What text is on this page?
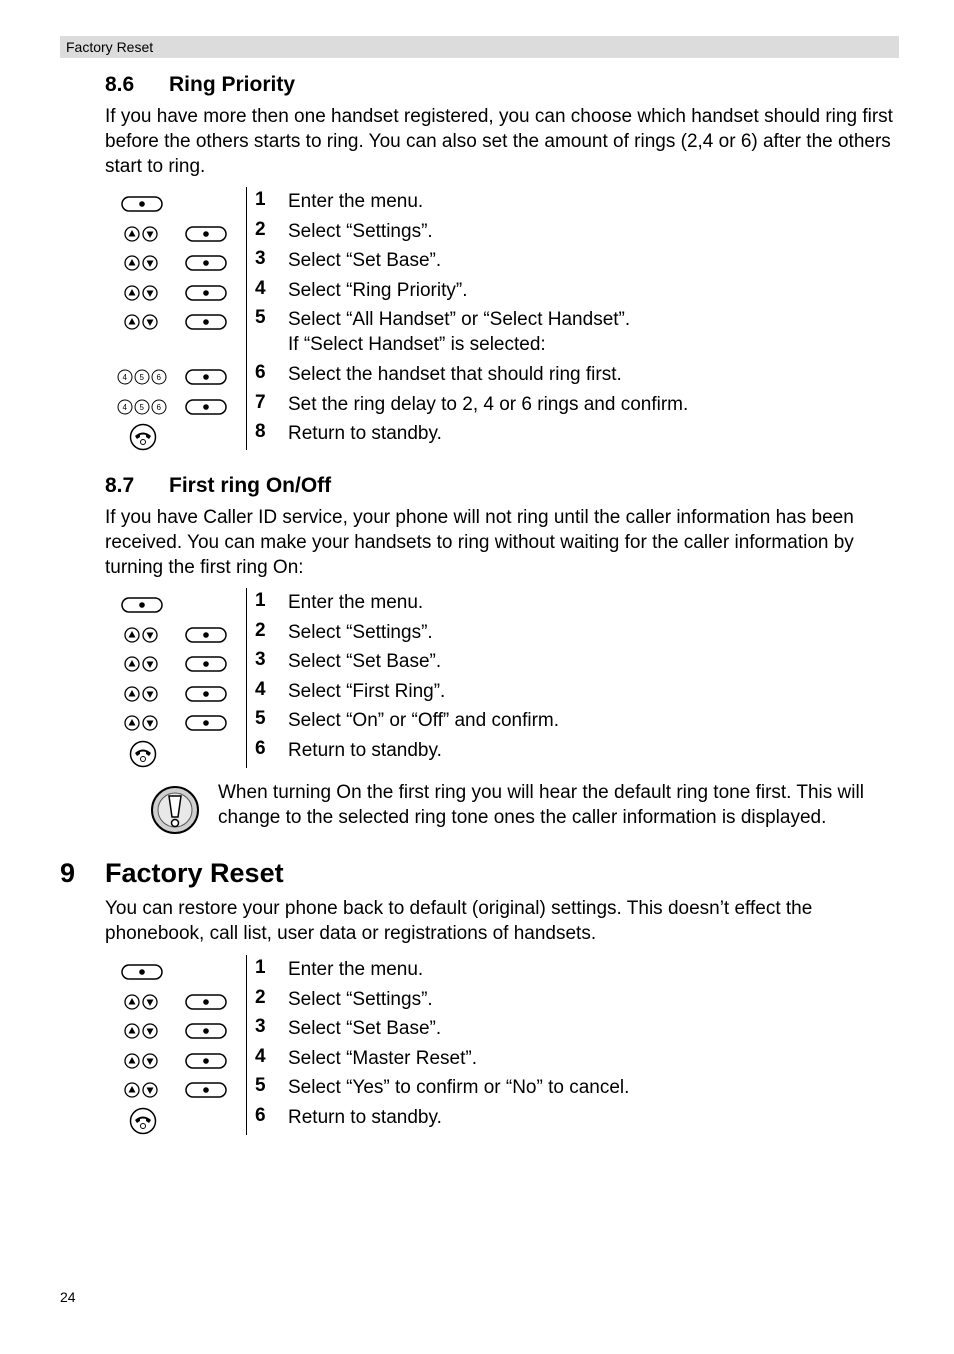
Factory Reset
8.6 Ring Priority

If you have more then one handset registered, you can choose which handset should ring first before the others starts to ring. You can also set the amount of rings (2,4 or 6) after the others start to ring.

1 Enter the menu.
2 Select “Settings”.
3 Select “Set Base”.
4 Select “Ring Priority”.
5 Select “All Handset” or “Select Handset”.
If “Select Handset” is selected:
4 5 6	6 Select the handset that should ring first.
4 5 6	7 Set the ring delay to 2, 4 or 6 rings and confirm.
8 Return to standby.
8.7 First ring On/Off

If you have Caller ID service, your phone will not ring until the caller information has been received. You can make your handsets to ring without waiting for the caller information by turning the first ring On:

1 Enter the menu.
2 Select “Settings”.
3 Select “Set Base”.
4 Select “First Ring”.
5 Select “On” or “Off” and confirm.
6 Return to standby.
When turning On the first ring you will hear the default ring tone first. This will change to the selected ring tone ones the caller information is displayed.
9 Factory Reset

You can restore your phone back to default (original) settings. This doesn’t effect the phonebook, call list, user data or registrations of handsets.

1 Enter the menu.
2 Select “Settings”.
3 Select “Set Base”.
4 Select “Master Reset”.
5 Select “Yes” to confirm or “No” to cancel.
6 Return to standby.
24
